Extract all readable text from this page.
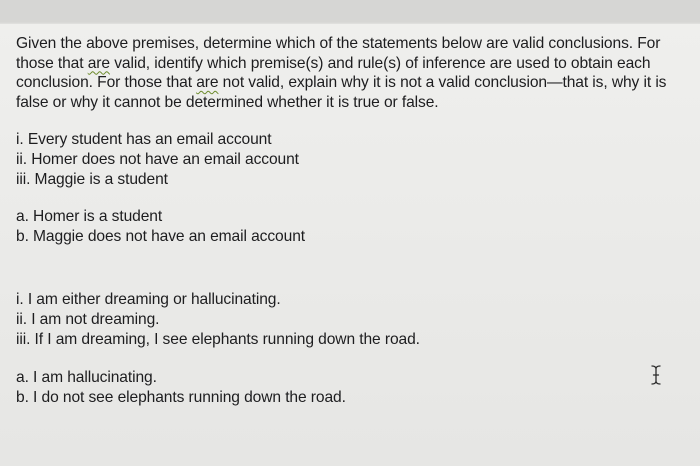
Given the above premises, determine which of the statements below are valid conclusions. For
those that are valid, identify which premise(s) and rule(s) of inference are used to obtain each
conclusion. For those that are not valid, explain why it is not a valid conclusion—that is, why it is
false or why it cannot be determined whether it is true or false.
i. Every student has an email account
ii. Homer does not have an email account
iii. Maggie is a student
a. Homer is a student
b. Maggie does not have an email account
i. I am either dreaming or hallucinating.
ii. I am not dreaming.
iii. If I am dreaming, I see elephants running down the road.
a. I am hallucinating.
b. I do not see elephants running down the road.
